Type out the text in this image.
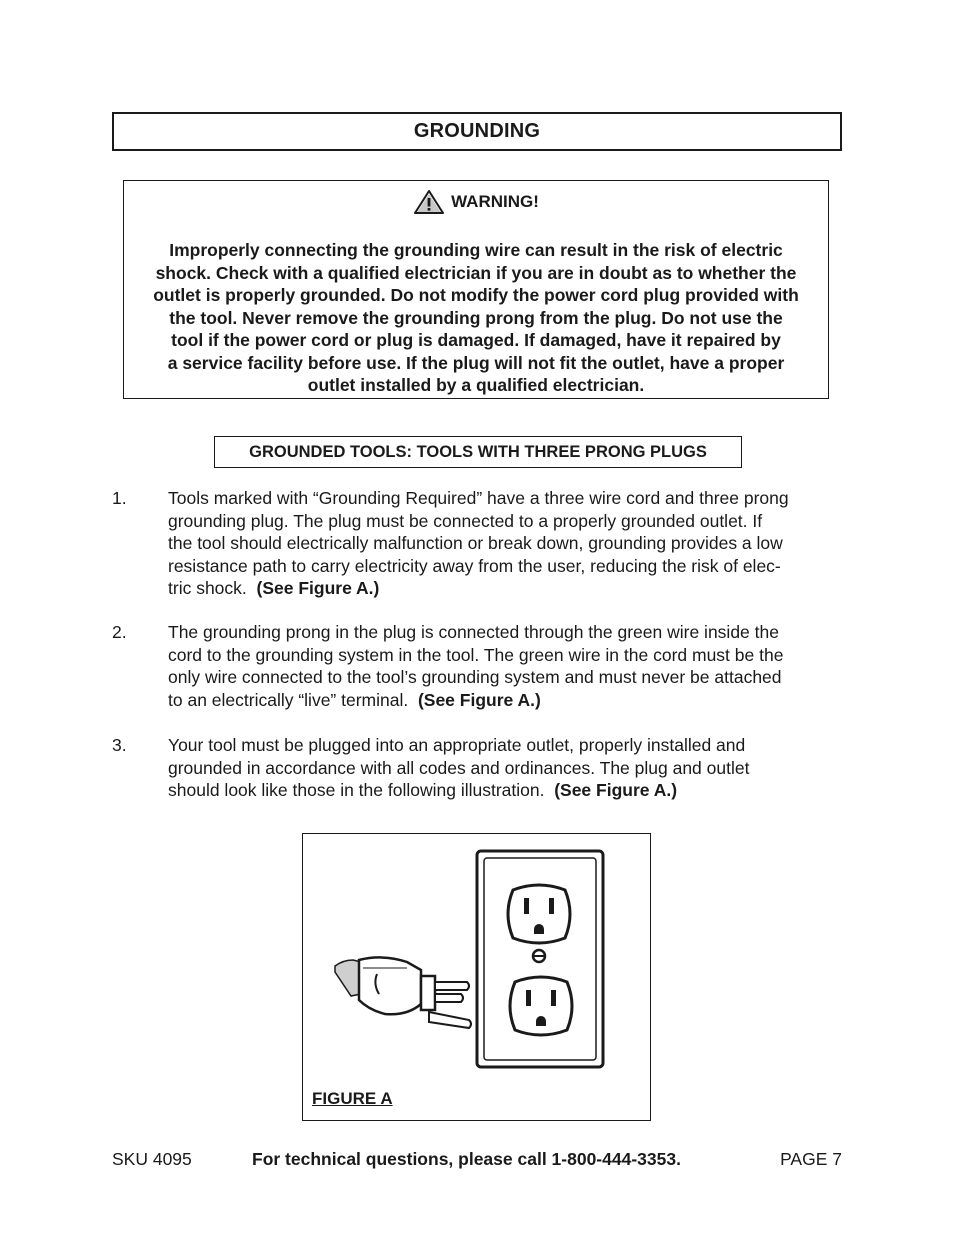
GROUNDING
WARNING!
Improperly connecting the grounding wire can result in the risk of electric
shock. Check with a qualified electrician if you are in doubt as to whether the
outlet is properly grounded. Do not modify the power cord plug provided with
the tool. Never remove the grounding prong from the plug. Do not use the
tool if the power cord or plug is damaged. If damaged, have it repaired by
a service facility before use. If the plug will not fit the outlet, have a proper
outlet installed by a qualified electrician.
GROUNDED TOOLS: TOOLS WITH THREE PRONG PLUGS
1. Tools marked with “Grounding Required” have a three wire cord and three prong
grounding plug. The plug must be connected to a properly grounded outlet. If
the tool should electrically malfunction or break down, grounding provides a low
resistance path to carry electricity away from the user, reducing the risk of elec-
tric shock.  (See Figure A.)
2. The grounding prong in the plug is connected through the green wire inside the
cord to the grounding system in the tool. The green wire in the cord must be the
only wire connected to the tool’s grounding system and must never be attached
to an electrically “live” terminal.  (See Figure A.)
3. Your tool must be plugged into an appropriate outlet, properly installed and
grounded in accordance with all codes and ordinances. The plug and outlet
should look like those in the following illustration.  (See Figure A.)
FIGURE A
SKU 4095	For technical questions, please call 1-800-444-3353.	PAGE 7
